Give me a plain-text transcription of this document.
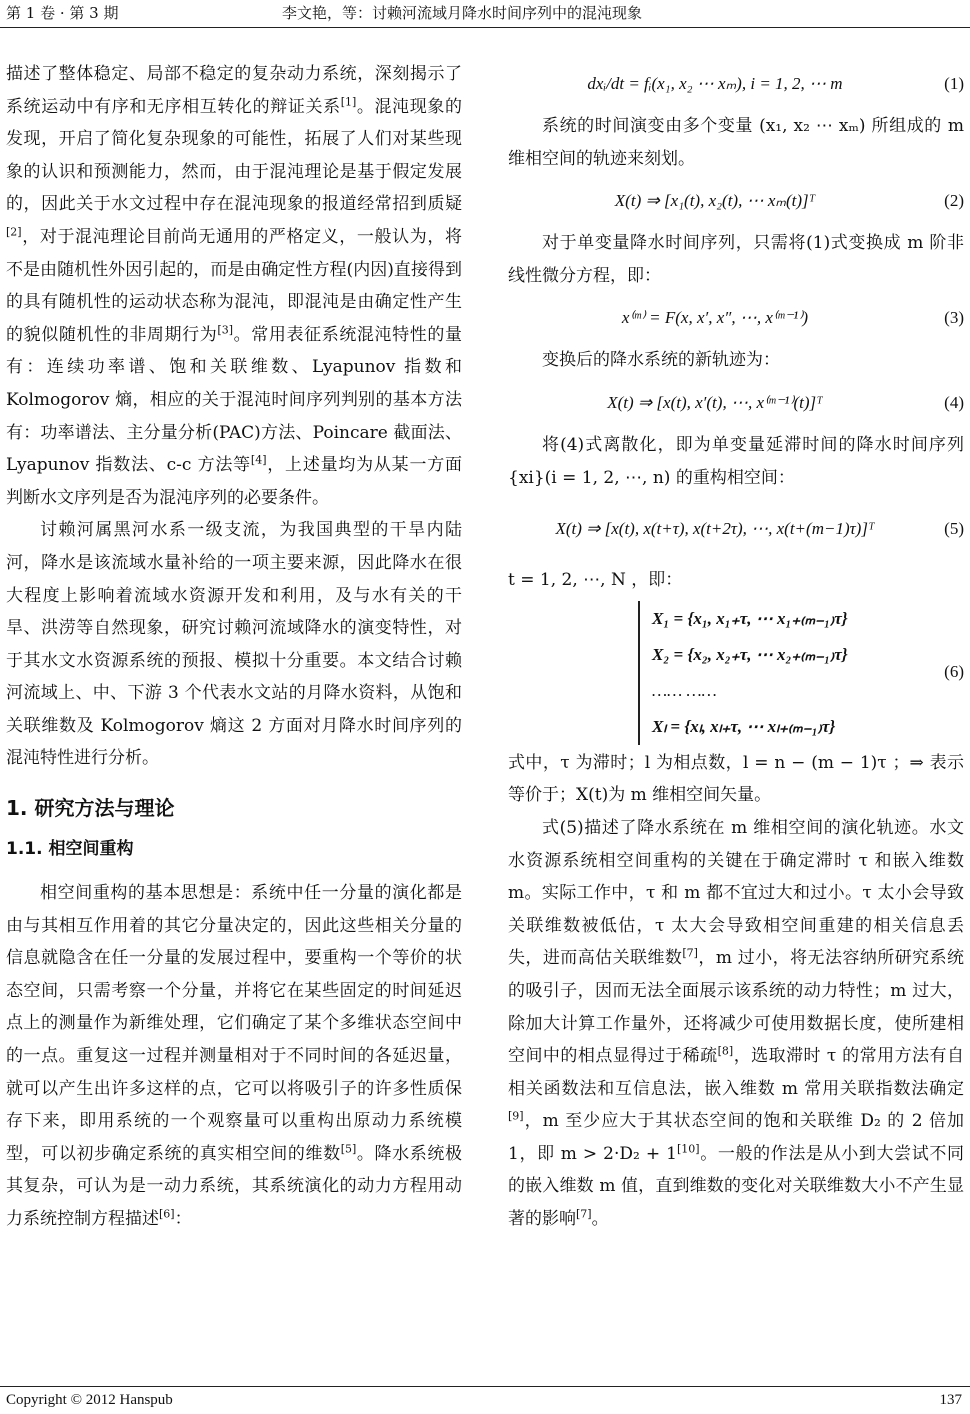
第 1 卷 · 第 3 期	李文艳，等：讨赖河流域月降水时间序列中的混沌现象

描述了整体稳定、局部不稳定的复杂动力系统，深刻揭示了系统运动中有序和无序相互转化的辩证关系[1]。混沌现象的发现，开启了简化复杂现象的可能性，拓展了人们对某些现象的认识和预测能力，然而，由于混沌理论是基于假定发展的，因此关于水文过程中存在混沌现象的报道经常招到质疑[2]，对于混沌理论目前尚无通用的严格定义，一般认为，将不是由随机性外因引起的，而是由确定性方程(内因)直接得到的具有随机性的运动状态称为混沌，即混沌是由确定性产生的貌似随机性的非周期行为[3]。常用表征系统混沌特性的量有：连续功率谱、饱和关联维数、Lyapunov 指数和 Kolmogorov 熵，相应的关于混沌时间序列判别的基本方法有：功率谱法、主分量分析(PAC)方法、Poincare 截面法、Lyapunov 指数法、c-c 方法等[4]，上述量均为从某一方面判断水文序列是否为混沌序列的必要条件。

讨赖河属黑河水系一级支流，为我国典型的干旱内陆河，降水是该流域水量补给的一项主要来源，因此降水在很大程度上影响着流域水资源开发和利用，及与水有关的干旱、洪涝等自然现象，研究讨赖河流域降水的演变特性，对于其水文水资源系统的预报、模拟十分重要。本文结合讨赖河流域上、中、下游 3 个代表水文站的月降水资料，从饱和关联维数及 Kolmogorov 熵这 2 方面对月降水时间序列的混沌特性进行分析。

1. 研究方法与理论
1.1. 相空间重构

相空间重构的基本思想是：系统中任一分量的演化都是由与其相互作用着的其它分量决定的，因此这些相关分量的信息就隐含在任一分量的发展过程中，要重构一个等价的状态空间，只需考察一个分量，并将它在某些固定的时间延迟点上的测量作为新维处理，它们确定了某个多维状态空间中的一点。重复这一过程并测量相对于不同时间的各延迟量，就可以产生出许多这样的点，它可以将吸引子的许多性质保存下来，即用系统的一个观察量可以重构出原动力系统模型，可以初步确定系统的真实相空间的维数[5]。降水系统极其复杂，可认为是一动力系统，其系统演化的动力方程用动力系统控制方程描述[6]：

dxᵢ/dt = fᵢ(x₁, x₂ ⋯ xₘ), i = 1, 2, ⋯ m	(1)

系统的时间演变由多个变量 (x₁, x₂ ⋯ xₘ) 所组成的 m 维相空间的轨迹来刻划。

X(t) ⇒ [x₁(t), x₂(t), ⋯ xₘ(t)]ᵀ	(2)

对于单变量降水时间序列，只需将(1)式变换成 m 阶非线性微分方程，即：

x⁽ᵐ⁾ = F(x, x′, x″, ⋯, x⁽ᵐ⁻¹⁾)	(3)

变换后的降水系统的新轨迹为：

X(t) ⇒ [x(t), x′(t), ⋯, x⁽ᵐ⁻¹⁾(t)]ᵀ	(4)

将(4)式离散化，即为单变量延滞时间的降水时间序列 {xi}(i = 1, 2, ⋯, n) 的重构相空间：

X(t) ⇒ [x(t), x(t+τ), x(t+2τ), ⋯, x(t+(m−1)τ)]ᵀ	(5)

t = 1, 2, ⋯, N ，即：

X₁ = {x₁, x₁₊τ, ⋯ x₁₊₍ₘ₋₁₎τ}
X₂ = {x₂, x₂₊τ, ⋯ x₂₊₍ₘ₋₁₎τ}
…… ……
Xₗ = {xₗ, xₗ₊τ, ⋯ xₗ₊₍ₘ₋₁₎τ}
(6)

式中，τ 为滞时；l 为相点数，l = n − (m − 1)τ ；⇒ 表示等价于；X(t)为 m 维相空间矢量。

式(5)描述了降水系统在 m 维相空间的演化轨迹。水文水资源系统相空间重构的关键在于确定滞时 τ 和嵌入维数 m。实际工作中，τ 和 m 都不宜过大和过小。τ 太小会导致关联维数被低估，τ 太大会导致相空间重建的相关信息丢失，进而高估关联维数[7]，m 过小，将无法容纳所研究系统的吸引子，因而无法全面展示该系统的动力特性；m 过大，除加大计算工作量外，还将减少可使用数据长度，使所建相空间中的相点显得过于稀疏[8]，选取滞时 τ 的常用方法有自相关函数法和互信息法，嵌入维数 m 常用关联指数法确定[9]，m 至少应大于其状态空间的饱和关联维 D₂ 的 2 倍加 1，即 m > 2·D₂ + 1[10]。一般的作法是从小到大尝试不同的嵌入维数 m 值，直到维数的变化对关联维数大小不产生显著的影响[7]。

Copyright © 2012 Hanspub	137
